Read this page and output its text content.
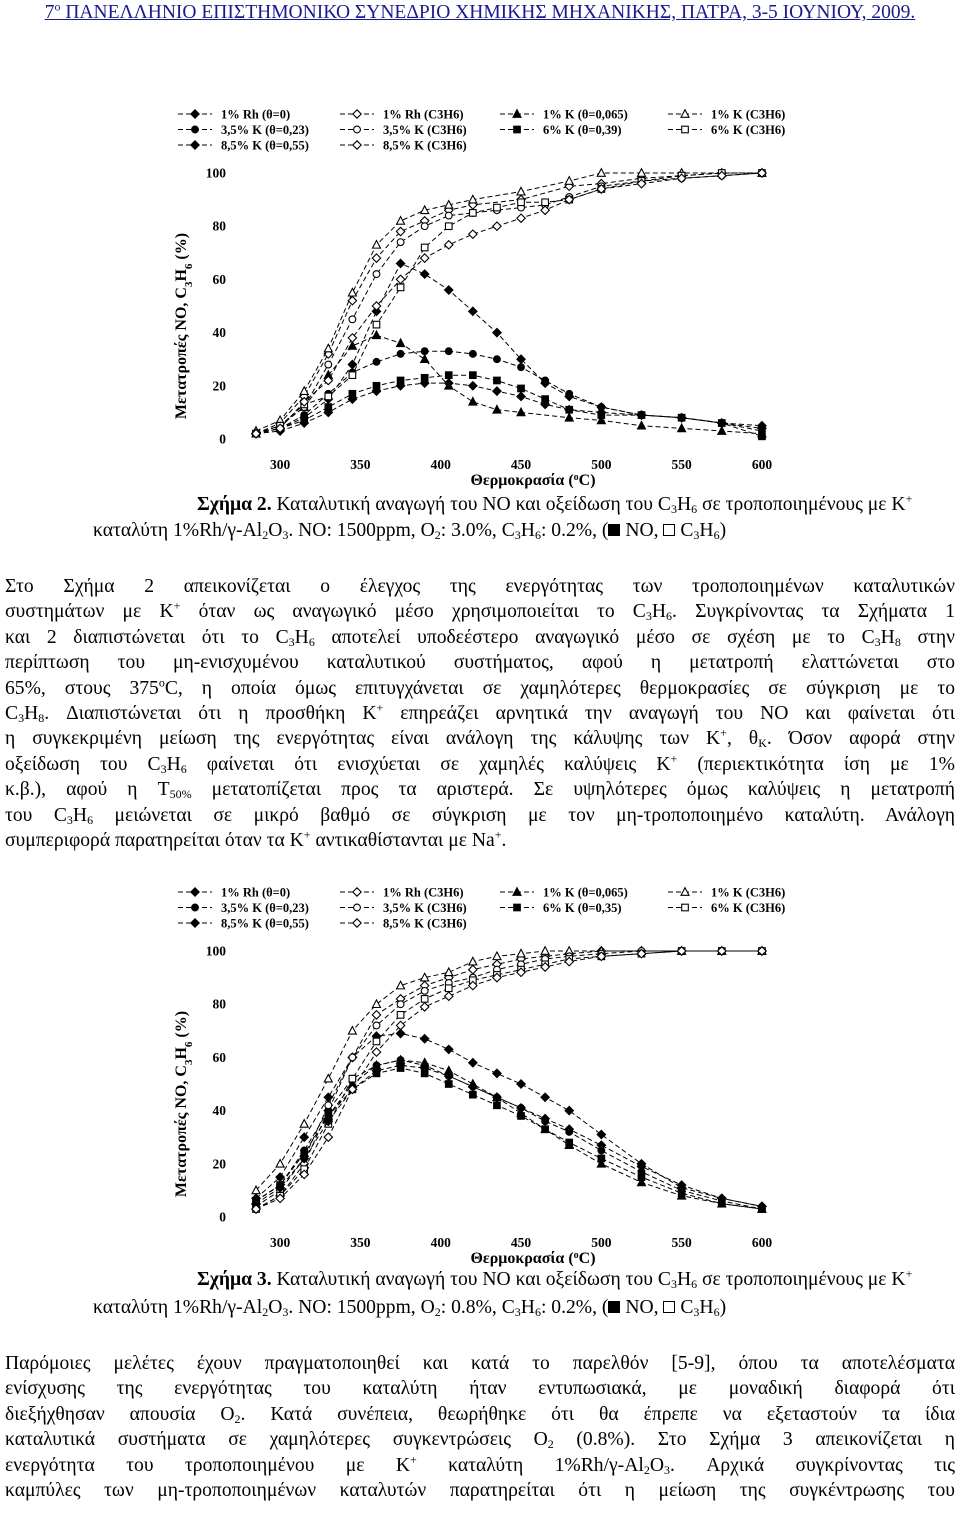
$7^o$ ΠΑΝΕΛΛΗΝΙΟ ΕΠΙΣΤΗΜΟΝΙΚΟ ΣΥΝΕΔΡΙΟ ΧΗΜΙΚΗΣ ΜΗΧΑΝΙΚΗΣ, ΠΑΤΡΑ, 3-5 ΙΟΥΝΙΟΥ, 2009.
1% Rh (θ=0)	1% Rh (C3H6)	1% K (θ=0,065)	1% K (C3H6)
3,5% K (θ=0,23)	3,5% K (C3H6)	6% K (θ=0,39)	6% K (C3H6)
8,5% K (θ=0,55)	8,5% K (C3H6)
0
20
40
60
80
100
300	350	400	450	500	550	600
Θερμοκρασία ($^o$C)
Μετατροπές NO, $C_3H_6$ (%)
Σχήμα 2. Καταλυτική αναγωγή του NO και οξείδωση του $C_3H_6$ σε τροποποιημένους με K+
καταλύτη $1\%Rh/\gamma-Al_2O_3$. NO: 1500ppm, $O_2$: 3.0%, $C_3H_6$: 0.2%, ( NO,  $C_3H_6$)
Στο Σχήμα 2 απεικονίζεται ο έλεγχος της ενεργότητας των τροποποιημένων καταλυτικών
συστημάτων με K+ όταν ως αναγωγικό μέσο χρησιμοποιείται το $C_3H_6$. Συγκρίνοντας τα Σχήματα 1
και 2 διαπιστώνεται ότι το $C_3H_6$ αποτελεί υποδεέστερο αναγωγικό μέσο σε σχέση με το $C_3H_8$ στην
περίπτωση του μη-ενισχυμένου καταλυτικού συστήματος, αφού η μετατροπή ελαττώνεται στο
65%, στους 375$^o$C, η οποία όμως επιτυγχάνεται σε χαμηλότερες θερμοκρασίες σε σύγκριση με το
$C_3H_8$. Διαπιστώνεται ότι η προσθήκη K+ επηρεάζει αρνητικά την αναγωγή του NO και φαίνεται ότι
η συγκεκριμένη μείωση της ενεργότητας είναι ανάλογη της κάλυψης των K+, $\theta_K$. Όσον αφορά στην
οξείδωση του $C_3H_6$ φαίνεται ότι ενισχύεται σε χαμηλές καλύψεις K+ (περιεκτικότητα ίση με 1%
κ.β.), αφού η $T_{50\%}$ μετατοπίζεται προς τα αριστερά. Σε υψηλότερες όμως καλύψεις η μετατροπή
του $C_3H_6$ μειώνεται σε μικρό βαθμό σε σύγκριση με τον μη-τροποποιημένο καταλύτη. Ανάλογη
συμπεριφορά παρατηρείται όταν τα K+ αντικαθίστανται με Na+.
1% Rh (θ=0)	1% Rh (C3H6)	1% K (θ=0,065)	1% K (C3H6)
3,5% K (θ=0,23)	3,5% K (C3H6)	6% K (θ=0,35)	6% K (C3H6)
8,5% K (θ=0,55)	8,5% K (C3H6)
0
20
40
60
80
100
300	350	400	450	500	550	600
Θερμοκρασία ($^o$C)
Μετατροπές NO, $C_3H_6$ (%)
Σχήμα 3. Καταλυτική αναγωγή του NO και οξείδωση του $C_3H_6$ σε τροποποιημένους με K+
καταλύτη $1\%Rh/\gamma-Al_2O_3$. NO: 1500ppm, $O_2$: 0.8%, $C_3H_6$: 0.2%, ( NO,  $C_3H_6$)
Παρόμοιες μελέτες έχουν πραγματοποιηθεί και κατά το παρελθόν [5-9], όπου τα αποτελέσματα
ενίσχυσης της ενεργότητας του καταλύτη ήταν εντυπωσιακά, με μοναδική διαφορά ότι
διεξήχθησαν απουσία $O_2$. Κατά συνέπεια, θεωρήθηκε ότι θα έπρεπε να εξεταστούν τα ίδια
καταλυτικά συστήματα σε χαμηλότερες συγκεντρώσεις $O_2$ (0.8%). Στο Σχήμα 3 απεικονίζεται η
ενεργότητα του τροποποιημένου με K+ καταλύτη $1\%Rh/\gamma-Al_2O_3$. Αρχικά συγκρίνοντας τις
καμπύλες των μη-τροποποιημένων καταλυτών παρατηρείται ότι η μείωση της συγκέντρωσης του
